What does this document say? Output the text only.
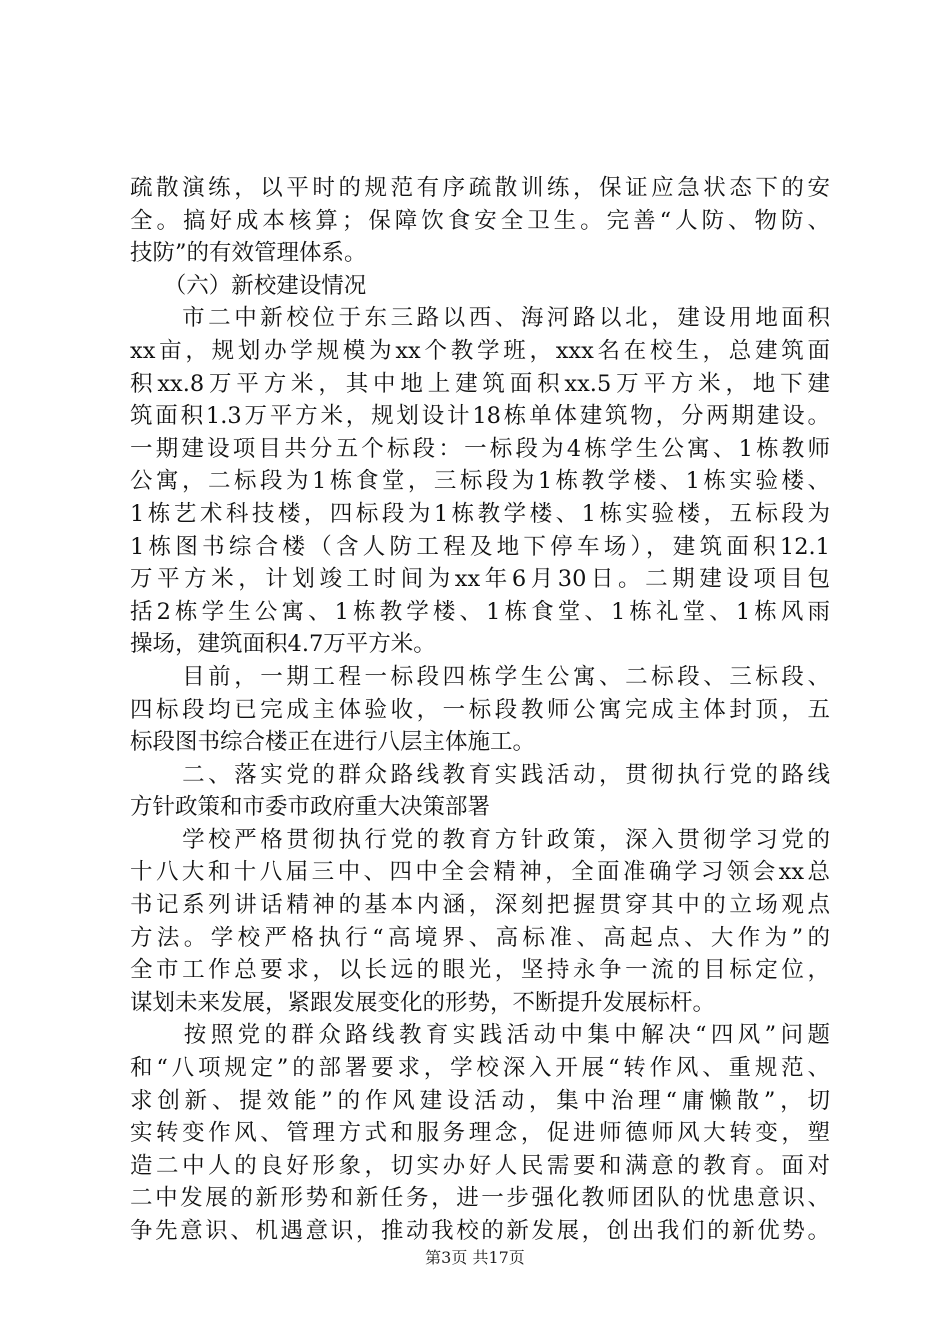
疏散演练，以平时的规范有序疏散训练，保证应急状态下的安
全。搞好成本核算；保障饮食安全卫生。完善“人防、物防、
技防”的有效管理体系。
　　（六）新校建设情况
　　市二中新校位于东三路以西、海河路以北，建设用地面积
xx亩，规划办学规模为xx个教学班，xxx名在校生，总建筑面
积xx.8万平方米，其中地上建筑面积xx.5万平方米，地下建
筑面积1.3万平方米，规划设计18栋单体建筑物，分两期建设。
一期建设项目共分五个标段：一标段为4栋学生公寓、1栋教师
公寓，二标段为1栋食堂，三标段为1栋教学楼、1栋实验楼、
1栋艺术科技楼，四标段为1栋教学楼、1栋实验楼，五标段为
1栋图书综合楼（含人防工程及地下停车场），建筑面积12.1
万平方米，计划竣工时间为xx年6月30日。二期建设项目包
括2栋学生公寓、1栋教学楼、1栋食堂、1栋礼堂、1栋风雨
操场，建筑面积4.7万平方米。
　　目前，一期工程一标段四栋学生公寓、二标段、三标段、
四标段均已完成主体验收，一标段教师公寓完成主体封顶，五
标段图书综合楼正在进行八层主体施工。
　　二、落实党的群众路线教育实践活动，贯彻执行党的路线
方针政策和市委市政府重大决策部署
　　学校严格贯彻执行党的教育方针政策，深入贯彻学习党的
十八大和十八届三中、四中全会精神，全面准确学习领会xx总
书记系列讲话精神的基本内涵，深刻把握贯穿其中的立场观点
方法。学校严格执行“高境界、高标准、高起点、大作为”的
全市工作总要求，以长远的眼光，坚持永争一流的目标定位，
谋划未来发展，紧跟发展变化的形势，不断提升发展标杆。
　　按照党的群众路线教育实践活动中集中解决“四风”问题
和“八项规定”的部署要求，学校深入开展“转作风、重规范、
求创新、提效能”的作风建设活动，集中治理“庸懒散”，切
实转变作风、管理方式和服务理念，促进师德师风大转变，塑
造二中人的良好形象，切实办好人民需要和满意的教育。面对
二中发展的新形势和新任务，进一步强化教师团队的忧患意识、
争先意识、机遇意识，推动我校的新发展，创出我们的新优势。
第3页 共17页
